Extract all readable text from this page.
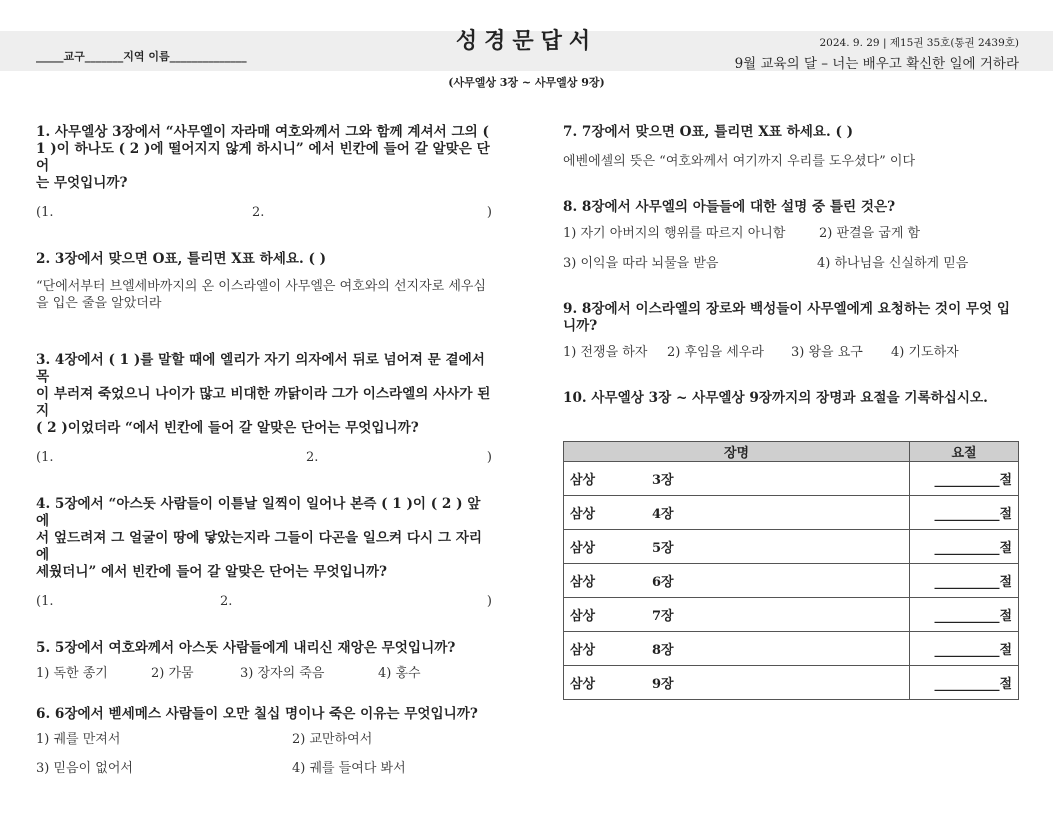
성경문답서	2024. 9. 29 | 제15권 35호(통권 2439호)
9월 교육의 달 – 너는 배우고 확신한 일에 거하라
_____교구_______지역 이름______________
(사무엘상 3장 ~ 사무엘상 9장)
1. 사무엘상 3장에서 “사무엘이 자라매 여호와께서 그와 함께 계셔서 그의 (
1 )이 하나도 ( 2 )에 떨어지지 않게 하시니” 에서 빈칸에 들어 갈 알맞은 단어
는 무엇입니까?
(1.	2.	)
2. 3장에서 맞으면 O표, 틀리면 X표 하세요. ( )
“단에서부터 브엘세바까지의 온 이스라엘이 사무엘은 여호와의 선지자로 세우심
을 입은 줄을 알았더라
3. 4장에서 ( 1 )를 말할 때에 엘리가 자기 의자에서 뒤로 넘어져 문 곁에서 목
이 부러져 죽었으니 나이가 많고 비대한 까닭이라 그가 이스라엘의 사사가 된지
( 2 )이었더라 “에서 빈칸에 들어 갈 알맞은 단어는 무엇입니까?
(1.	2.	)
4. 5장에서 “아스돗 사람들이 이튿날 일찍이 일어나 본즉 ( 1 )이 ( 2 ) 앞에
서 엎드려져 그 얼굴이 땅에 닿았는지라 그들이 다곤을 일으켜 다시 그 자리에
세웠더니” 에서 빈칸에 들어 갈 알맞은 단어는 무엇입니까?
(1.	2.	)
5. 5장에서 여호와께서 아스돗 사람들에게 내리신 재앙은 무엇입니까?
1) 독한 종기	2) 가뭄	3) 장자의 죽음	4) 홍수
6. 6장에서 벧세메스 사람들이 오만 칠십 명이나 죽은 이유는 무엇입니까?
1) 궤를 만져서	2) 교만하여서
3) 믿음이 없어서	4) 궤를 들여다 봐서
7. 7장에서 맞으면 O표, 틀리면 X표 하세요. ( )
에벤에셀의 뜻은 “여호와께서 여기까지 우리를 도우셨다” 이다
8. 8장에서 사무엘의 아들들에 대한 설명 중 틀린 것은?
1) 자기 아버지의 행위를 따르지 아니함	2) 판결을 굽게 함
3) 이익을 따라 뇌물을 받음	4) 하나님을 신실하게 믿음
9. 8장에서 이스라엘의 장로와 백성들이 사무엘에게 요청하는 것이 무엇 입니까?
1) 전쟁을 하자 2) 후임을 세우라 3) 왕을 요구 4) 기도하자
10. 사무엘상 3장 ~ 사무엘상 9장까지의 장명과 요절을 기록하십시오.
장명	요절
삼상 3장	__________절
삼상 4장	__________절
삼상 5장	__________절
삼상 6장	__________절
삼상 7장	__________절
삼상 8장	__________절
삼상 9장	__________절
